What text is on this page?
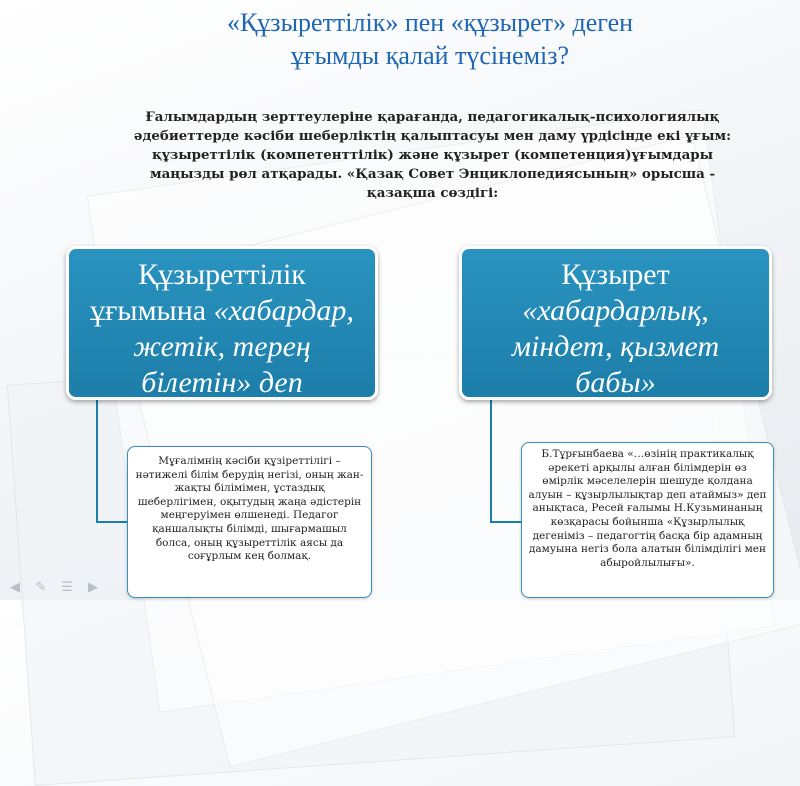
«Құзыреттілік» пен «құзырет» деген
ұғымды қалай түсінеміз?
Ғалымдардың зерттеулеріне қарағанда, педагогикалық-психологиялық әдебиеттерде кәсіби шеберліктің қалыптасуы мен даму үрдісінде екі ұғым: құзыреттілік (компетенттілік) және құзырет (компетенция)ұғымдары маңызды рөл атқарады. «Қазақ Совет Энциклопедиясының» орысша - қазақша сөздігі:
Құзыреттілік
ұғымына «хабардар,
жетік, терең
білетін» деп
Құзырет
«хабардарлық,
міндет, қызмет
бабы»

Мұғалімнің кәсіби құзіреттілігі – нәтижелі білім берудің негізі, оның жан-жақты білімімен, ұстаздық шеберлігімен, оқытудың жаңа әдістерін меңгеруімен өлшенеді. Педагог қаншалықты білімді, шығармашыл болса, оның құзыреттілік аясы да соғұрлым кең болмақ.

Б.Тұрғынбаева «…өзінің практикалық әрекеті арқылы алған білімдерін өз өмірлік мәселелерін шешуде қолдана алуын – құзырлылықтар деп атаймыз» деп анықтаса, Ресей ғалымы Н.Кузьминаның көзқарасы бойынша «Құзырлылық дегеніміз – педагогтің басқа бір адамның дамуына негіз бола алатын білімділігі мен абыройлылығы».

◀	✎ ☰	▶
